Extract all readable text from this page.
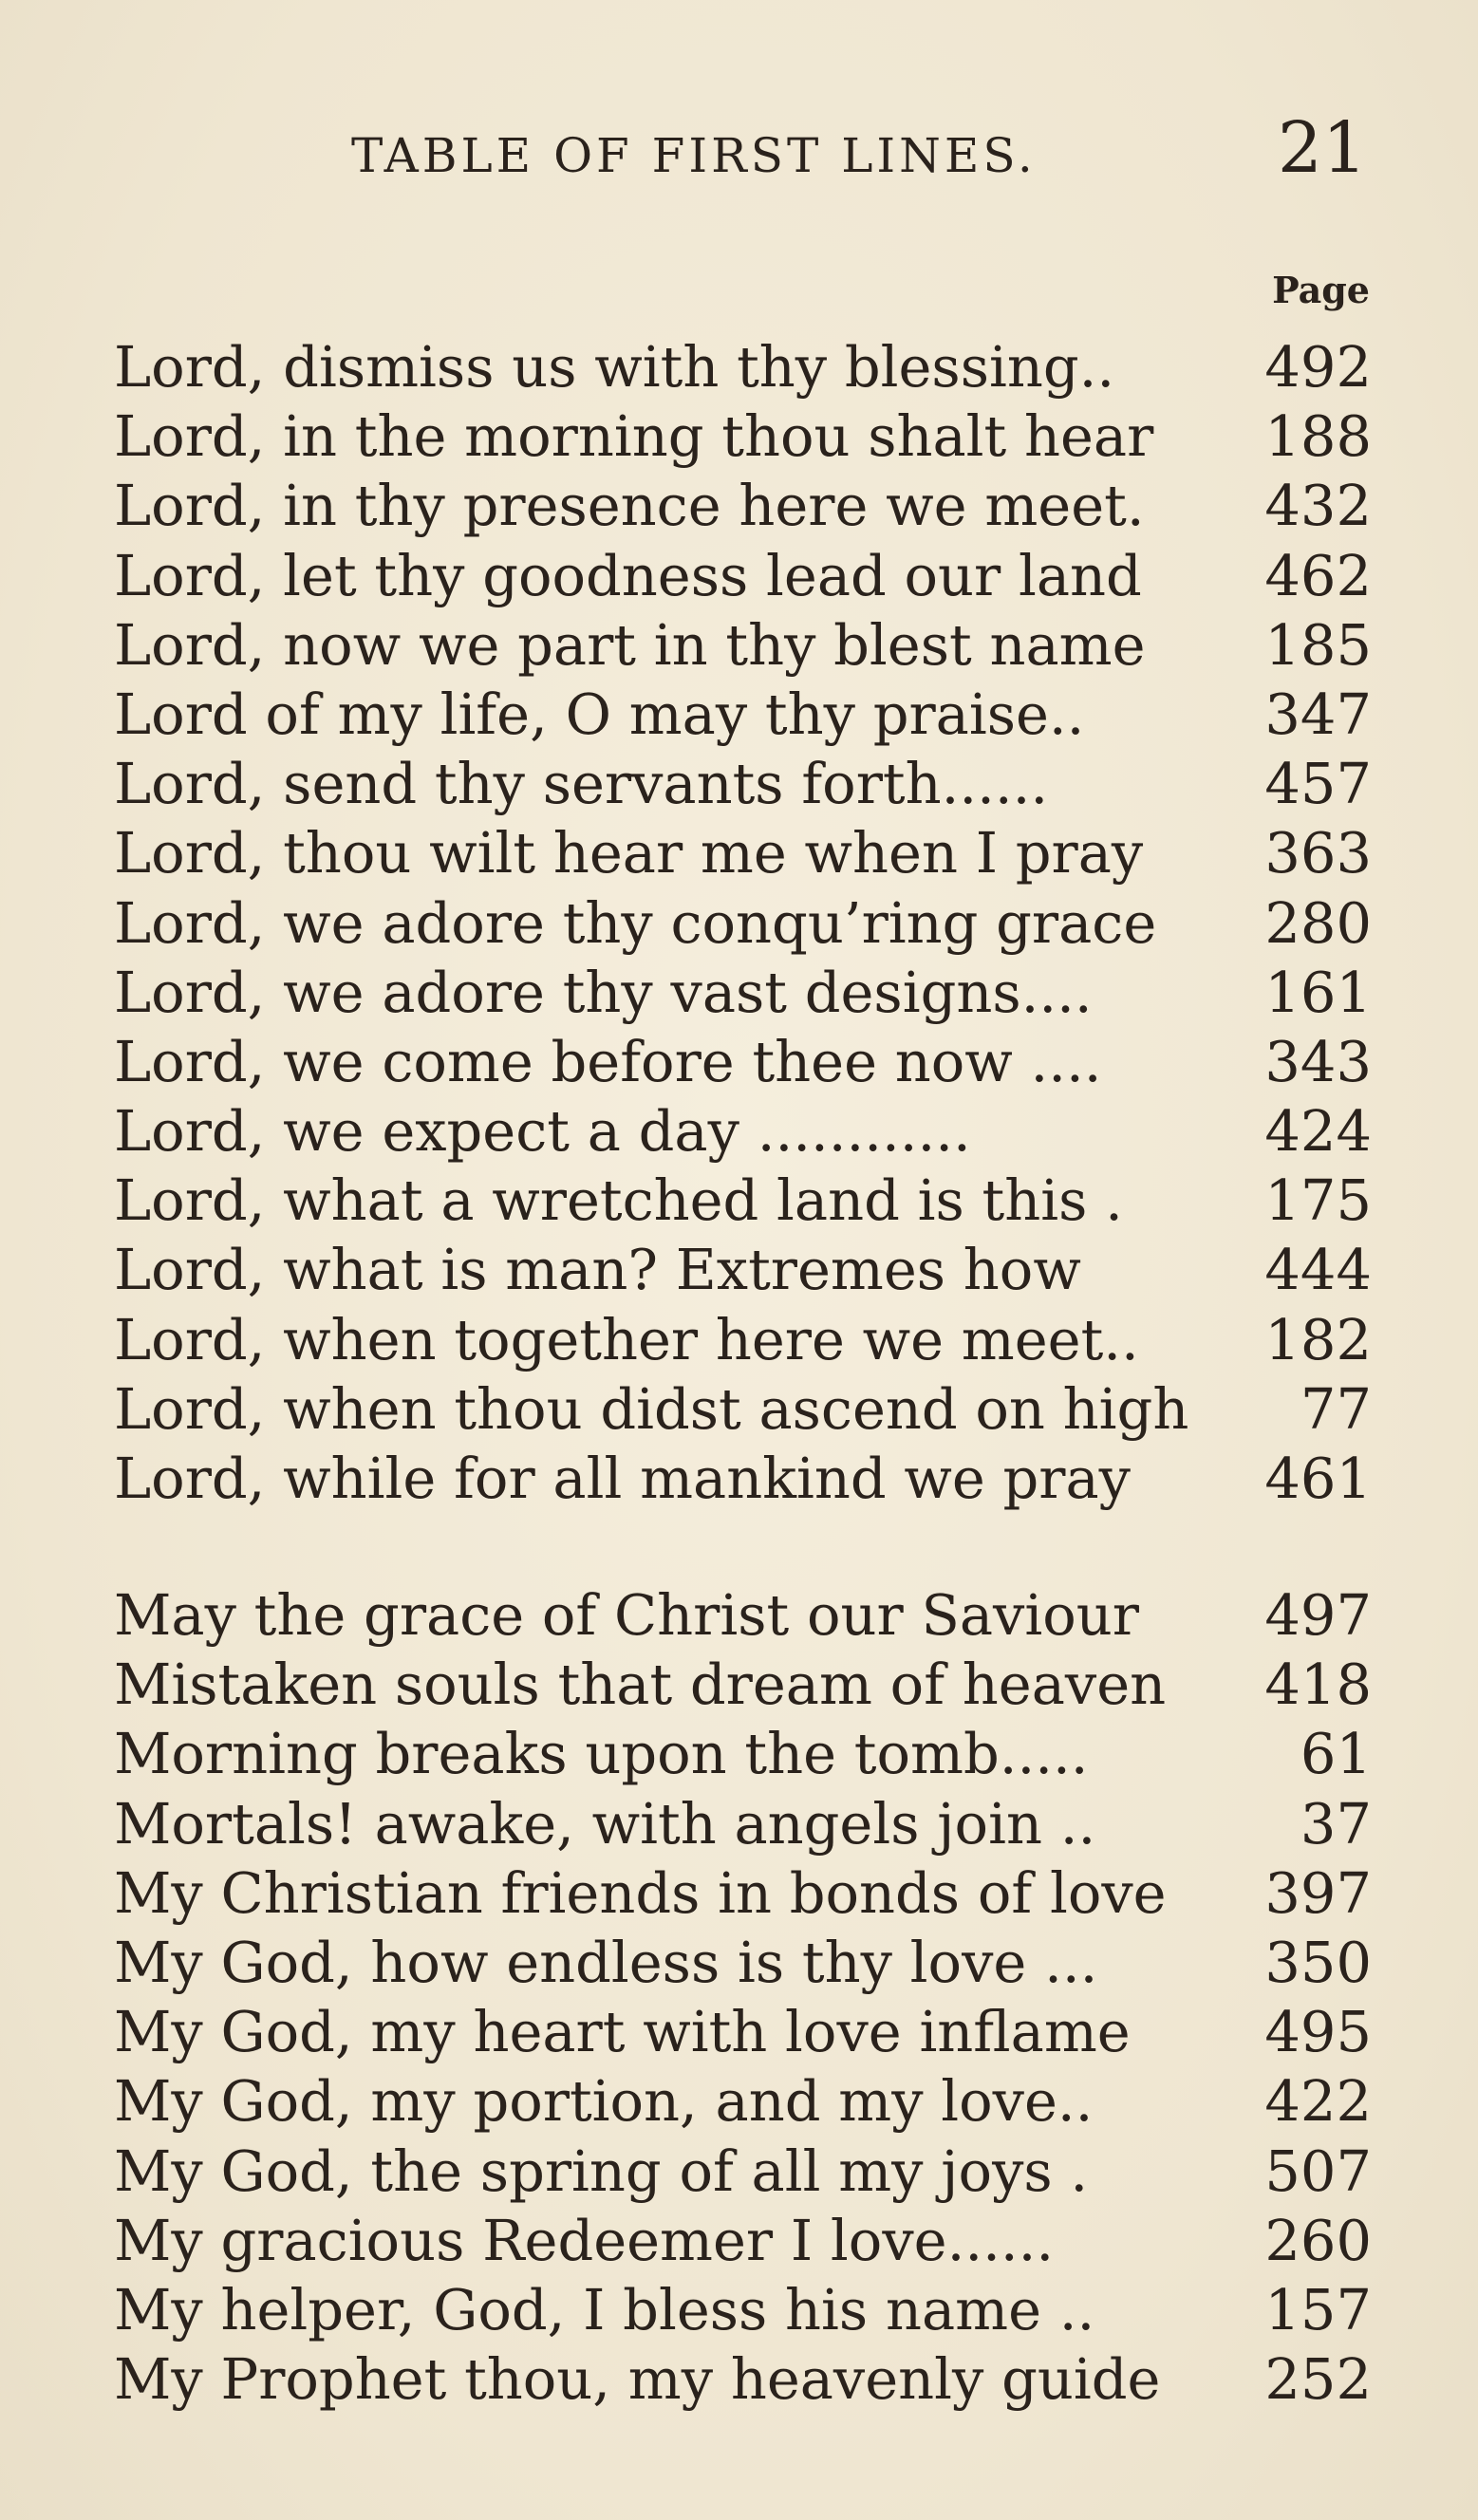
TABLE OF FIRST LINES.	21
Page
Lord, dismiss us with thy blessing..	492
Lord, in the morning thou shalt hear 188
Lord, in thy presence here we meet. 432
Lord, let thy goodness lead our land 462
Lord, now we part in thy blest name 185
Lord of my life, O may thy praise..	347
Lord, send thy servants forth......	457
Lord, thou wilt hear me when I pray 363
Lord, we adore thy conqu’ring grace 280
Lord, we adore thy vast designs....	161
Lord, we come before thee now ....	343
Lord, we expect a day ............	424
Lord, what a wretched land is this .	175
Lord, what is man? Extremes how	444
Lord, when together here we meet.. 182
Lord, when thou didst ascend on high 77
Lord, while for all mankind we pray 461
May the grace of Christ our Saviour 497
Mistaken souls that dream of heaven 418
Morning breaks upon the tomb.....	61
Mortals! awake, with angels join ..	37
My Christian friends in bonds of love 397
My God, how endless is thy love ...	350
My God, my heart with love inflame 495
My God, my portion, and my love..	422
My God, the spring of all my joys .	507
My gracious Redeemer I love......	260
My helper, God, I bless his name ..	157
My Prophet thou, my heavenly guide 252
